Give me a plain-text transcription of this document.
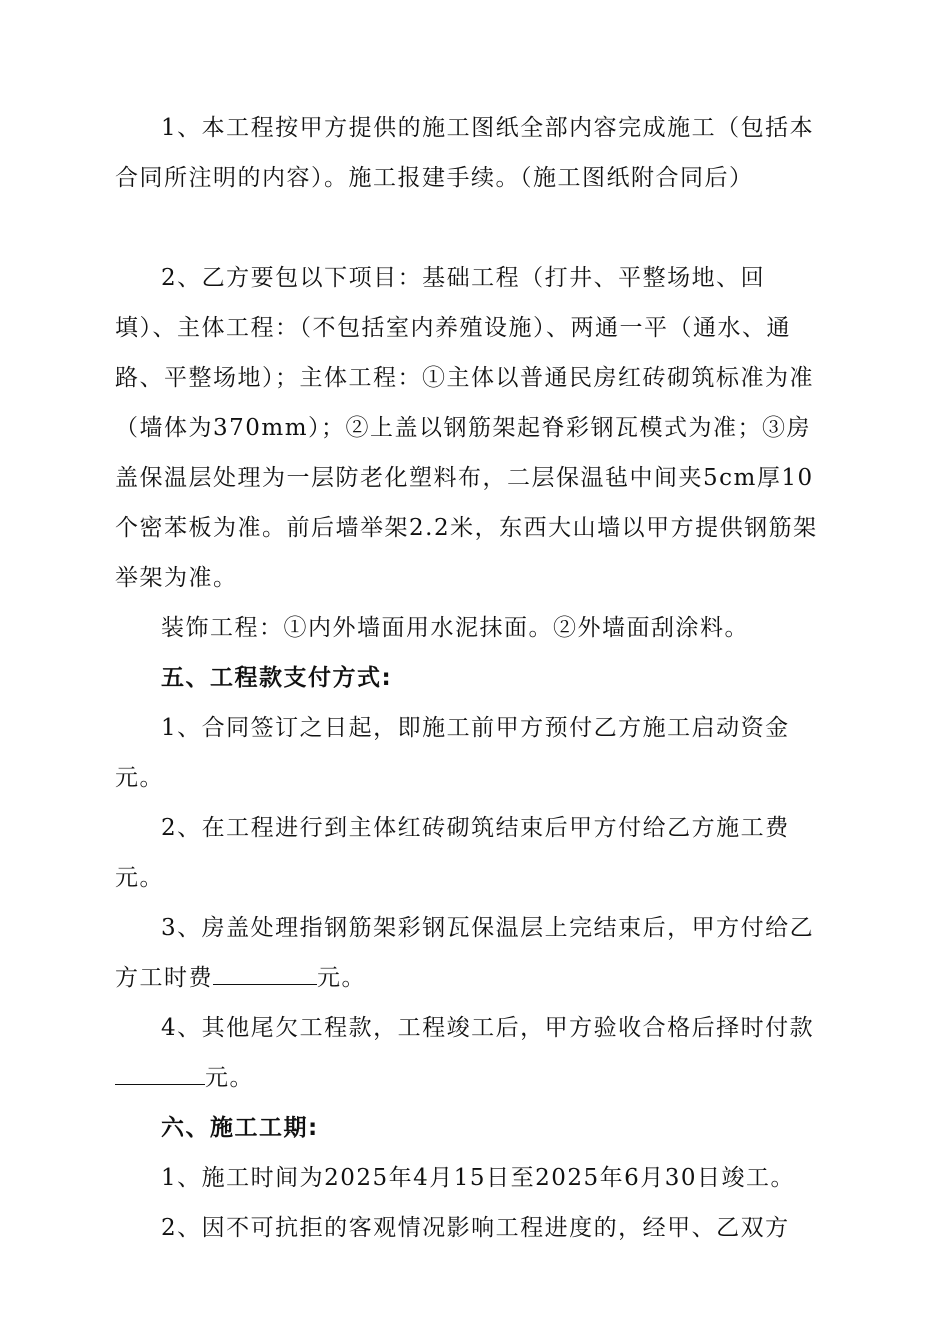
1、本工程按甲方提供的施工图纸全部内容完成施工（包括本合同所注明的内容）。施工报建手续。（施工图纸附合同后）

2、乙方要包以下项目：基础工程（打井、平整场地、回填）、主体工程：（不包括室内养殖设施）、两通一平（通水、通路、平整场地）；主体工程：①主体以普通民房红砖砌筑标准为准（墙体为370mm）；②上盖以钢筋架起脊彩钢瓦模式为准；③房盖保温层处理为一层防老化塑料布，二层保温毡中间夹5cm厚10个密苯板为准。前后墙举架2.2米，东西大山墙以甲方提供钢筋架举架为准。

装饰工程：①内外墙面用水泥抹面。②外墙面刮涂料。

五、工程款支付方式:

1、合同签订之日起，即施工前甲方预付乙方施工启动资金元。

2、在工程进行到主体红砖砌筑结束后甲方付给乙方施工费元。

3、房盖处理指钢筋架彩钢瓦保温层上完结束后，甲方付给乙方工时费	元。

4、其他尾欠工程款，工程竣工后，甲方验收合格后择时付款元。

六、施工工期:

1、施工时间为2025年4月15日至2025年6月30日竣工。

2、因不可抗拒的客观情况影响工程进度的，经甲、乙双方
